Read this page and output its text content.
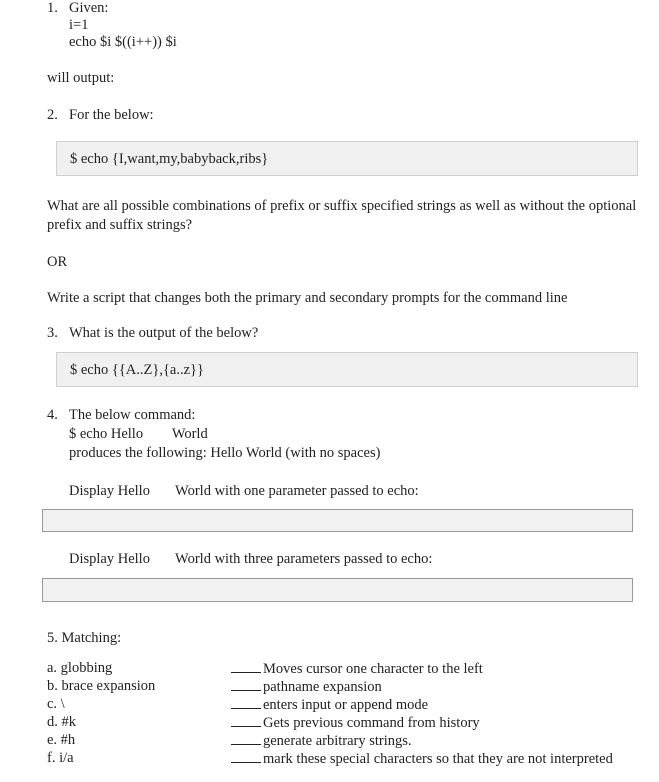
1. Given:
i=1
echo $i $((i++)) $i
will output:
2. For the below:
$ echo {I,want,my,babyback,ribs}
What are all possible combinations of prefix or suffix specified strings as well as without the optional prefix and suffix strings?
OR
Write a script that changes both the primary and secondary prompts for the command line
3. What is the output of the below?
$ echo {{A..Z},{a..z}}
4. The below command:
$ echo Hello        World
produces the following: Hello World (with no spaces)
Display Hello       World with one parameter passed to echo:
Display Hello       World with three parameters passed to echo:
5. Matching:
a. globbing	Moves cursor one character to the left
b. brace expansion	pathname expansion
c. \	enters input or append mode
d. #k	Gets previous command from history
e. #h	generate arbitrary strings.
f. i/a	mark these special characters so that they are not interpreted
